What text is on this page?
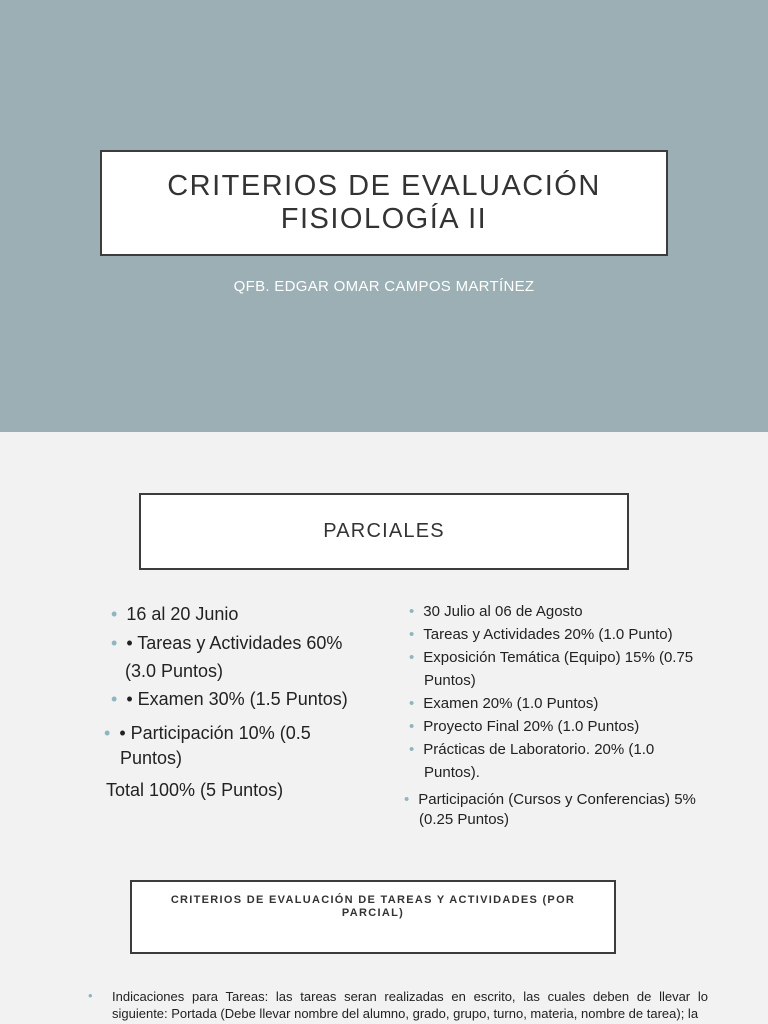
CRITERIOS DE EVALUACIÓN
FISIOLOGÍA II
QFB. EDGAR OMAR CAMPOS MARTÍNEZ
PARCIALES
• 16 al 20 Junio
• • Tareas y Actividades 60%
(3.0 Puntos)
• • Examen 30% (1.5 Puntos)
• • Participación 10% (0.5
Puntos)
Total 100% (5 Puntos)
• 30 Julio al 06 de Agosto
• Tareas y Actividades 20% (1.0 Punto)
• Exposición Temática (Equipo) 15% (0.75
Puntos)
• Examen 20% (1.0 Puntos)
• Proyecto Final 20% (1.0 Puntos)
• Prácticas de Laboratorio. 20% (1.0
Puntos).
• Participación (Cursos y Conferencias) 5%
(0.25 Puntos)
CRITERIOS DE EVALUACIÓN DE TAREAS Y ACTIVIDADES (POR
PARCIAL)
• Indicaciones para Tareas: las tareas seran realizadas en escrito, las cuales deben de llevar lo siguiente: Portada (Debe llevar nombre del alumno, grado, grupo, turno, materia, nombre de tarea); la
